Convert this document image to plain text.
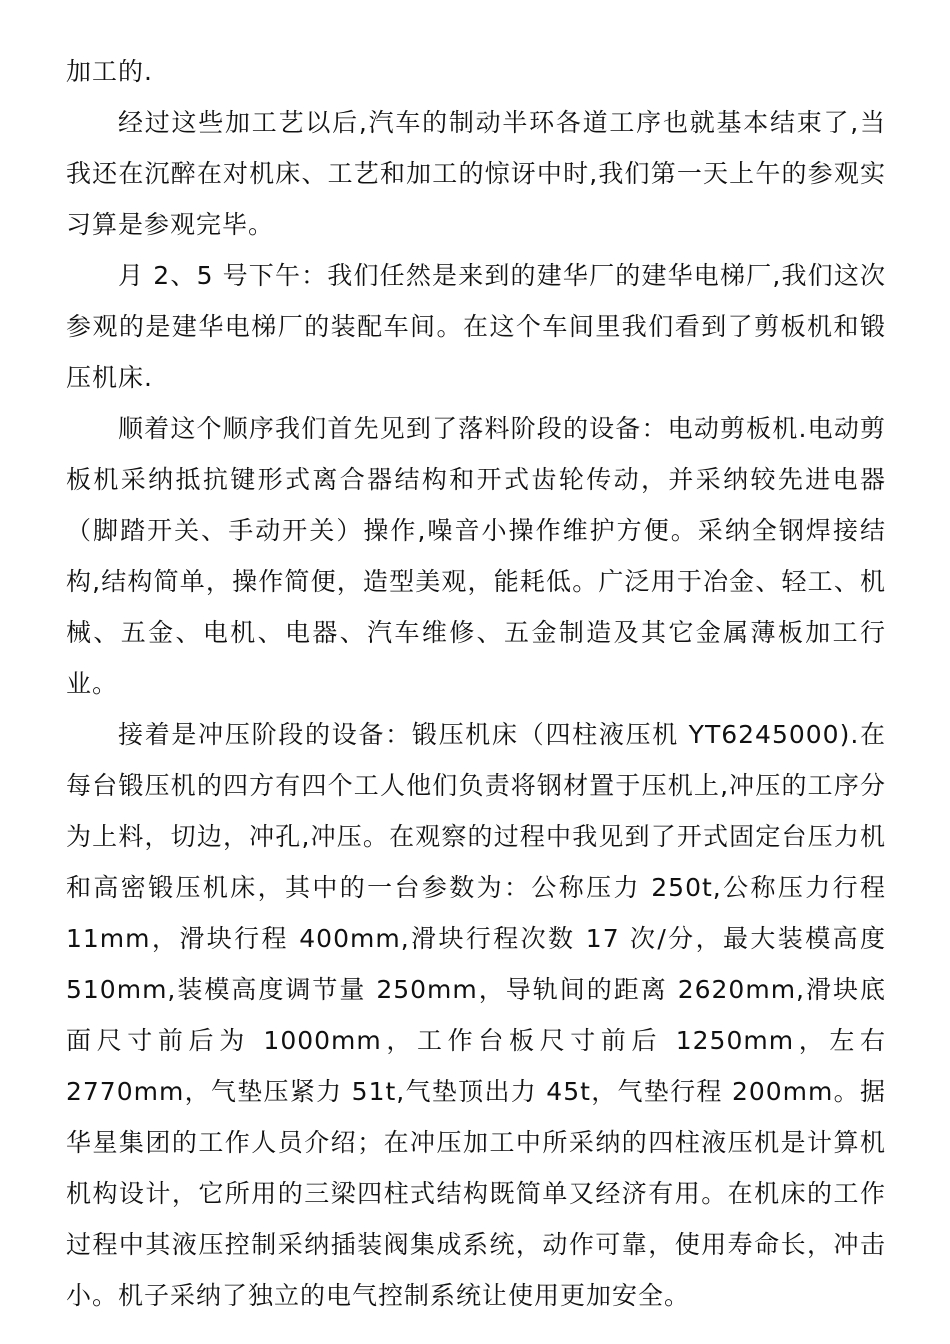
加工的.

经过这些加工艺以后,汽车的制动半环各道工序也就基本结束了,当我还在沉醉在对机床、工艺和加工的惊讶中时,我们第一天上午的参观实习算是参观完毕。

月 2、5 号下午：我们任然是来到的建华厂的建华电梯厂,我们这次参观的是建华电梯厂的装配车间。在这个车间里我们看到了剪板机和锻压机床.

顺着这个顺序我们首先见到了落料阶段的设备：电动剪板机.电动剪板机采纳抵抗键形式离合器结构和开式齿轮传动，并采纳较先进电器（脚踏开关、手动开关）操作,噪音小操作维护方便。采纳全钢焊接结构,结构简单，操作简便，造型美观，能耗低。广泛用于冶金、轻工、机械、五金、电机、电器、汽车维修、五金制造及其它金属薄板加工行业。

接着是冲压阶段的设备：锻压机床（四柱液压机 YT6245000).在每台锻压机的四方有四个工人他们负责将钢材置于压机上,冲压的工序分为上料，切边，冲孔,冲压。在观察的过程中我见到了开式固定台压力机和高密锻压机床，其中的一台参数为：公称压力 250t,公称压力行程 11mm，滑块行程 400mm,滑块行程次数 17 次/分，最大装模高度 510mm,装模高度调节量 250mm，导轨间的距离 2620mm,滑块底面尺寸前后为 1000mm，工作台板尺寸前后 1250mm，左右 2770mm，气垫压紧力 51t,气垫顶出力 45t，气垫行程 200mm。据华星集团的工作人员介绍；在冲压加工中所采纳的四柱液压机是计算机机构设计，它所用的三梁四柱式结构既简单又经济有用。在机床的工作过程中其液压控制采纳插装阀集成系统，动作可靠，使用寿命长，冲击小。机子采纳了独立的电气控制系统让使用更加安全。
